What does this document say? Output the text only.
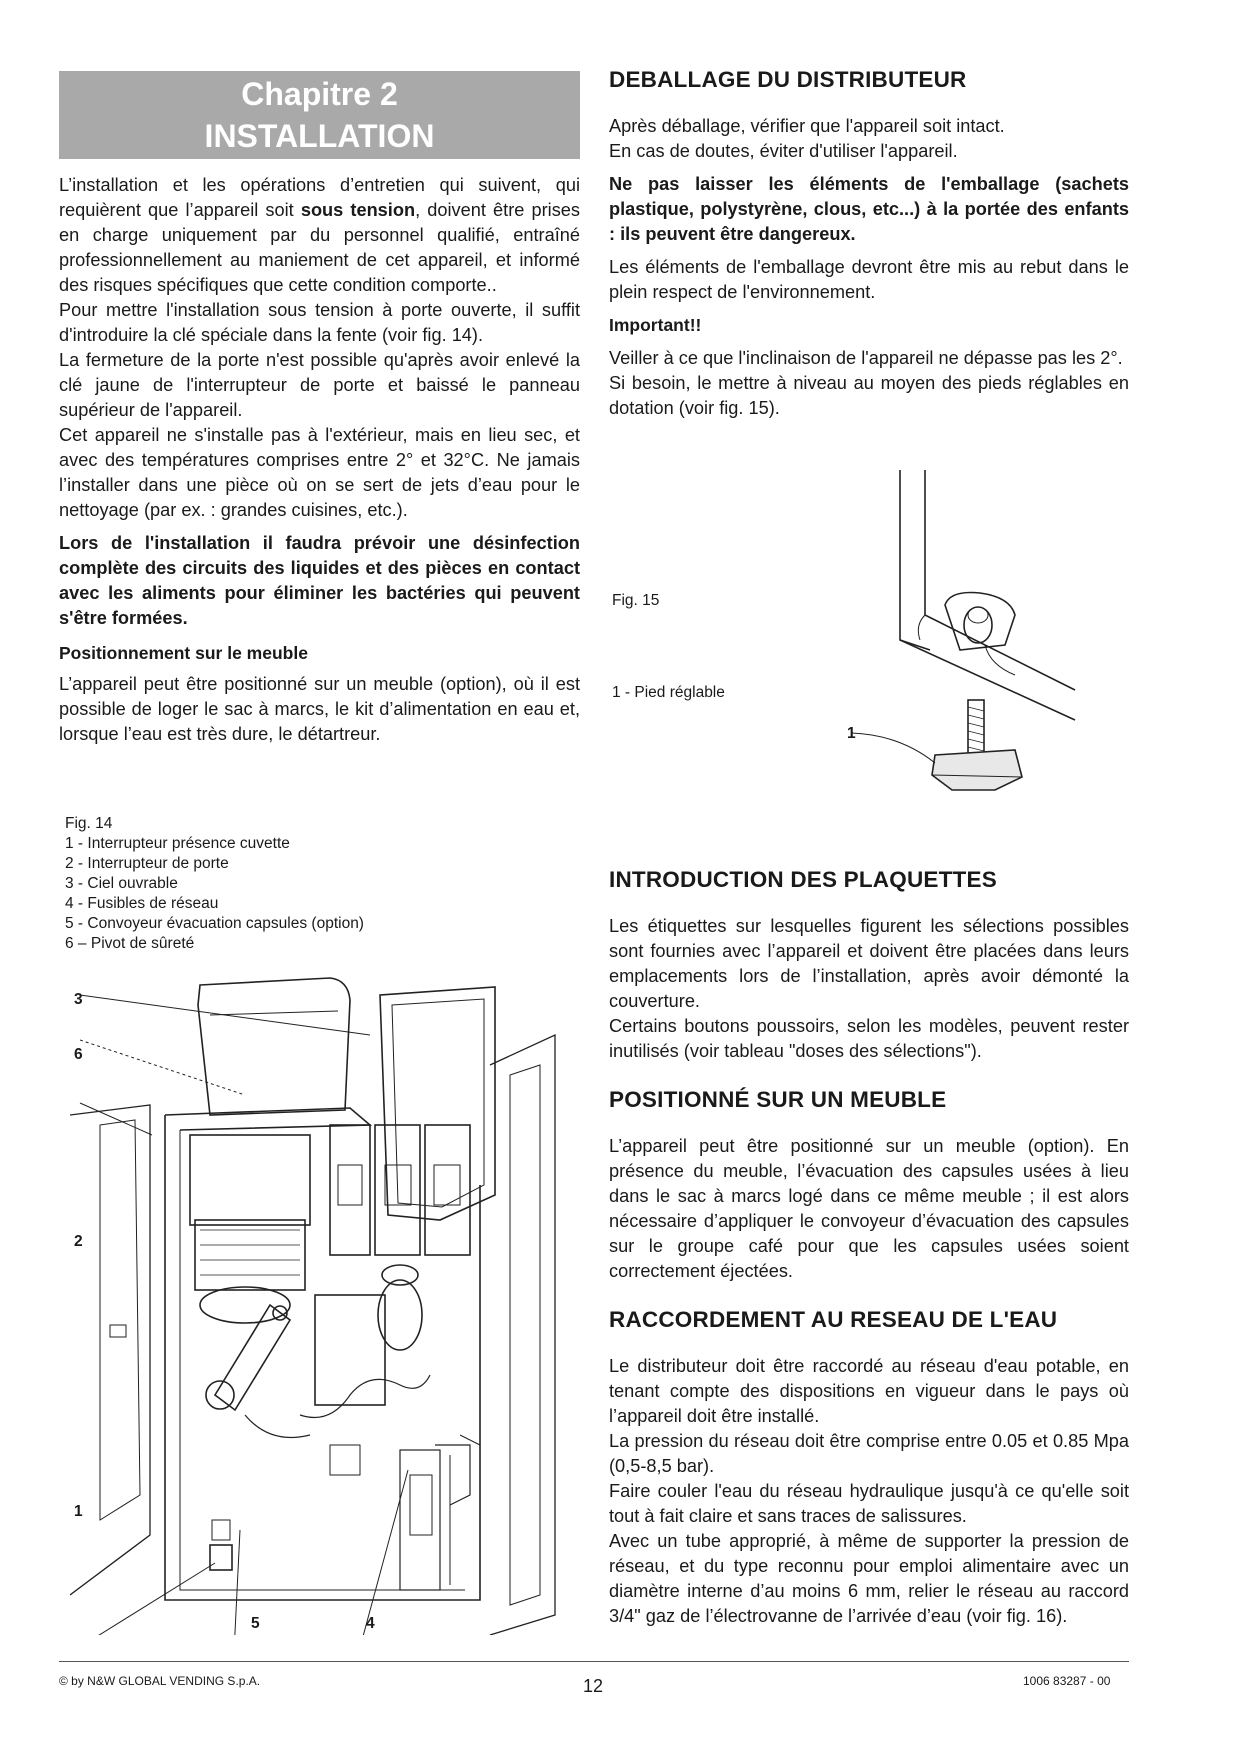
Chapitre 2
INSTALLATION

L’installation et les opérations d’entretien qui suivent, qui requièrent que l’appareil soit sous tension, doivent être prises en charge uniquement par du personnel qualifié, entraîné professionnellement au maniement de cet appareil, et informé des risques spécifiques que cette condition comporte..

Pour mettre l'installation sous tension à porte ouverte, il suffit d'introduire la clé spéciale dans la fente (voir fig. 14).

La fermeture de la porte n'est possible qu'après avoir enlevé la clé jaune de l'interrupteur de porte et baissé le panneau supérieur de l'appareil.

Cet appareil ne s'installe pas à l'extérieur, mais en lieu sec, et avec des températures comprises entre 2° et 32°C. Ne jamais l’installer dans une pièce où on se sert de jets d’eau pour le nettoyage (par ex. : grandes cuisines, etc.).

Lors de l'installation il faudra prévoir une désinfection complète des circuits des liquides et des pièces en contact avec les aliments pour éliminer les bactéries qui peuvent s'être formées.

Positionnement sur le meuble

L’appareil peut être positionné sur un meuble (option), où il est possible de loger le sac à marcs, le kit d’alimentation en eau et, lorsque l’eau est très dure, le détartreur.

Fig. 14
1 - Interrupteur présence cuvette
2 - Interrupteur de porte
3 - Ciel ouvrable
4 - Fusibles de réseau
5 - Convoyeur évacuation capsules (option)
6 – Pivot de sûreté
3
6
2
1
5	4
DEBALLAGE DU DISTRIBUTEUR

Après déballage, vérifier que l'appareil soit intact.

En cas de doutes, éviter d'utiliser l'appareil.

Ne pas laisser les éléments de l'emballage (sachets plastique, polystyrène, clous, etc...) à la portée des enfants : ils peuvent être dangereux.

Les éléments de l'emballage devront être mis au rebut dans le plein respect de l'environnement.

Important!!

Veiller à ce que l'inclinaison de l'appareil ne dépasse pas les 2°.

Si besoin, le mettre à niveau au moyen des pieds réglables en dotation (voir fig. 15).

Fig. 15
1 - Pied réglable
1
INTRODUCTION DES PLAQUETTES

Les étiquettes sur lesquelles figurent les sélections possibles sont fournies avec l’appareil et doivent être placées dans leurs emplacements lors de l’installation, après avoir démonté la couverture.

Certains boutons poussoirs, selon les modèles, peuvent rester inutilisés (voir tableau "doses des sélections").

POSITIONNÉ SUR UN MEUBLE

L’appareil peut être positionné sur un meuble (option). En présence du meuble, l’évacuation des capsules usées à lieu dans le sac à marcs logé dans ce même meuble ; il est alors nécessaire d’appliquer le convoyeur d’évacuation des capsules sur le groupe café pour que les capsules usées soient correctement éjectées.

RACCORDEMENT AU RESEAU DE L'EAU

Le distributeur doit être raccordé au réseau d'eau potable, en tenant compte des dispositions en vigueur dans le pays où l’appareil doit être installé.

La pression du réseau doit être comprise entre 0.05 et 0.85 Mpa (0,5-8,5 bar).

Faire couler l'eau du réseau hydraulique jusqu'à ce qu'elle soit tout à fait claire et sans traces de salissures.

Avec un tube approprié, à même de supporter la pression de réseau, et du type reconnu pour emploi alimentaire avec un diamètre interne d’au moins 6 mm, relier le réseau au raccord 3/4" gaz de l’électrovanne de l’arrivée d’eau (voir fig. 16).

© by N&W GLOBAL VENDING S.p.A.	12	1006 83287 - 00
